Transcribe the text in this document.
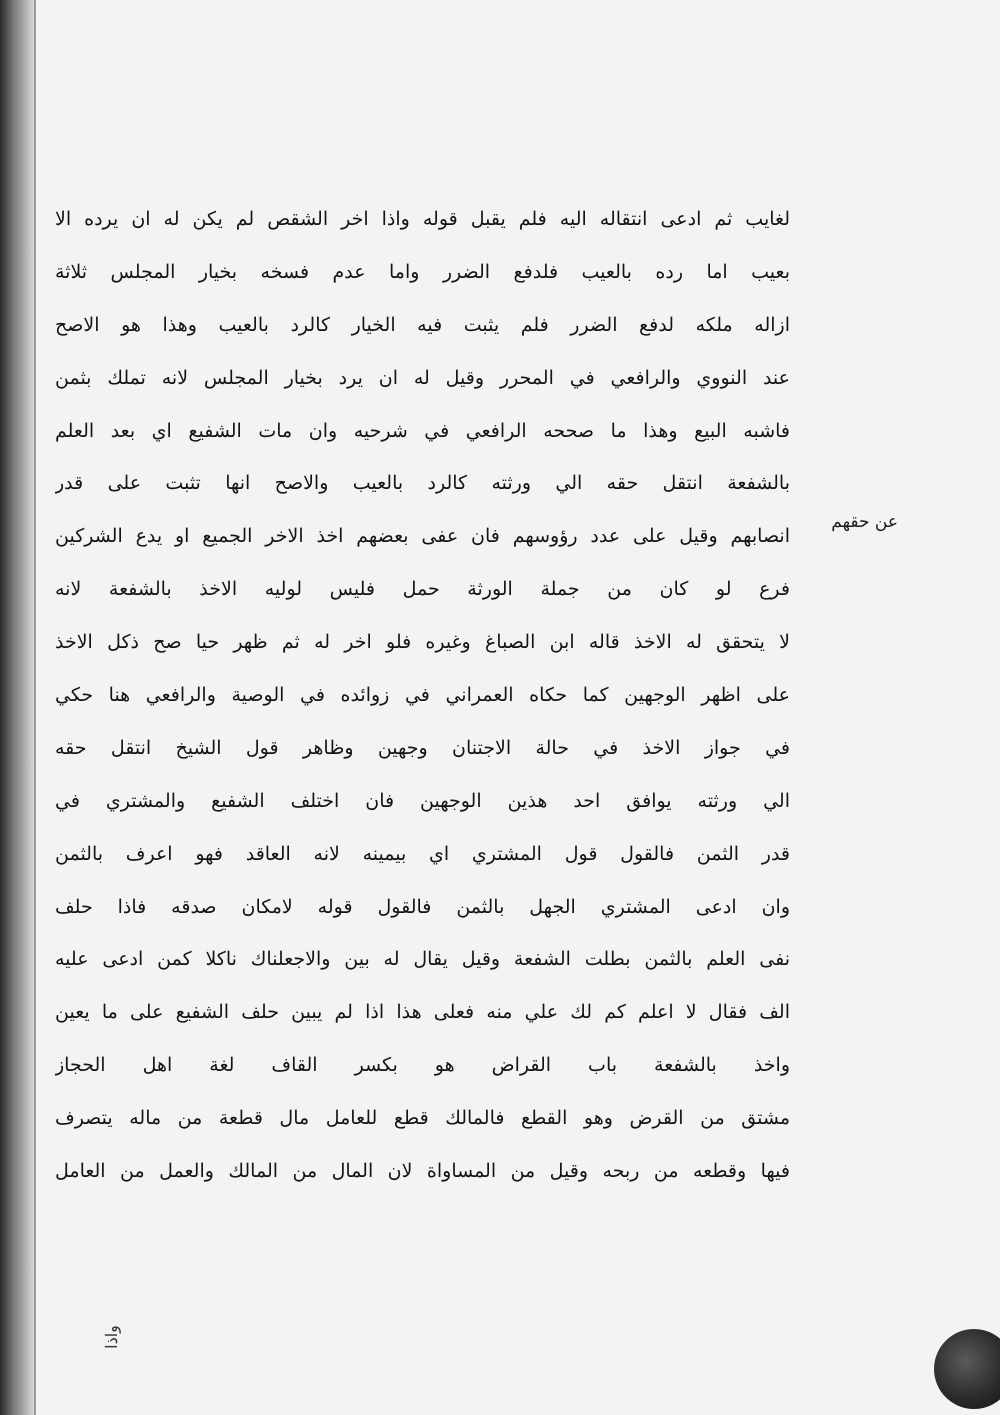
لغايب ثم ادعى انتقاله اليه فلم يقبل قوله واذا اخر الشقص لم يكن له ان يرده الا
بعيب اما رده بالعيب فلدفع الضرر واما عدم فسخه بخيار المجلس ثلاثة
ازاله ملكه لدفع الضرر فلم يثبت فيه الخيار كالرد بالعيب وهذا هو الاصح
عند النووي والرافعي في المحرر وقيل له ان يرد بخيار المجلس لانه تملك بثمن
فاشبه البيع وهذا ما صححه الرافعي في شرحيه وان مات الشفيع اي بعد العلم
بالشفعة انتقل حقه الي ورثته كالرد بالعيب والاصح انها تثبت على قدر
انصابهم وقيل على عدد رؤوسهم فان عفى بعضهم اخذ الاخر الجميع او يدع الشركين
فرع لو كان من جملة الورثة حمل فليس لوليه الاخذ بالشفعة لانه
لا يتحقق له الاخذ قاله ابن الصباغ وغيره فلو اخر له ثم ظهر حيا صح ذكل الاخذ
على اظهر الوجهين كما حكاه العمراني في زوائده في الوصية والرافعي هنا حكي
في جواز الاخذ في حالة الاجتنان وجهين وظاهر قول الشيخ انتقل حقه
الي ورثته يوافق احد هذين الوجهين فان اختلف الشفيع والمشتري في
قدر الثمن فالقول قول المشتري اي بيمينه لانه العاقد فهو اعرف بالثمن
وان ادعى المشتري الجهل بالثمن فالقول قوله لامكان صدقه فاذا حلف
نفى العلم بالثمن بطلت الشفعة وقيل يقال له بين والاجعلناك ناكلا كمن ادعى عليه
الف فقال لا اعلم كم لك علي منه فعلى هذا اذا لم يبين حلف الشفيع على ما يعين
واخذ بالشفعة باب القراض هو بكسر القاف لغة اهل الحجاز
مشتق من القرض وهو القطع فالمالك قطع للعامل مال قطعة من ماله يتصرف
فيها وقطعه من ربحه وقيل من المساواة لان المال من المالك والعمل من العامل
عن حقهم
واذا
